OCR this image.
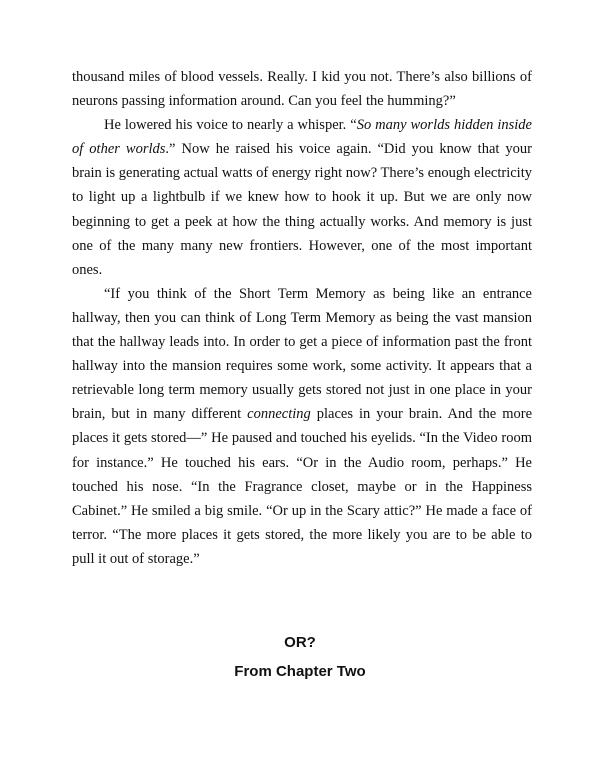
thousand miles of blood vessels. Really. I kid you not. There’s also billions of neurons passing information around. Can you feel the humming?”

He lowered his voice to nearly a whisper. “So many worlds hidden inside of other worlds.” Now he raised his voice again. “Did you know that your brain is generating actual watts of energy right now? There’s enough electricity to light up a lightbulb if we knew how to hook it up. But we are only now beginning to get a peek at how the thing actually works. And memory is just one of the many many new frontiers. However, one of the most important ones.

“If you think of the Short Term Memory as being like an entrance hallway, then you can think of Long Term Memory as being the vast mansion that the hallway leads into. In order to get a piece of information past the front hallway into the mansion requires some work, some activity. It appears that a retrievable long term memory usually gets stored not just in one place in your brain, but in many different connecting places in your brain. And the more places it gets stored—” He paused and touched his eyelids. “In the Video room for instance.” He touched his ears. “Or in the Audio room, perhaps.” He touched his nose. “In the Fragrance closet, maybe or in the Happiness Cabinet.” He smiled a big smile. “Or up in the Scary attic?” He made a face of terror. “The more places it gets stored, the more likely you are to be able to pull it out of storage.”

OR?
From Chapter Two
